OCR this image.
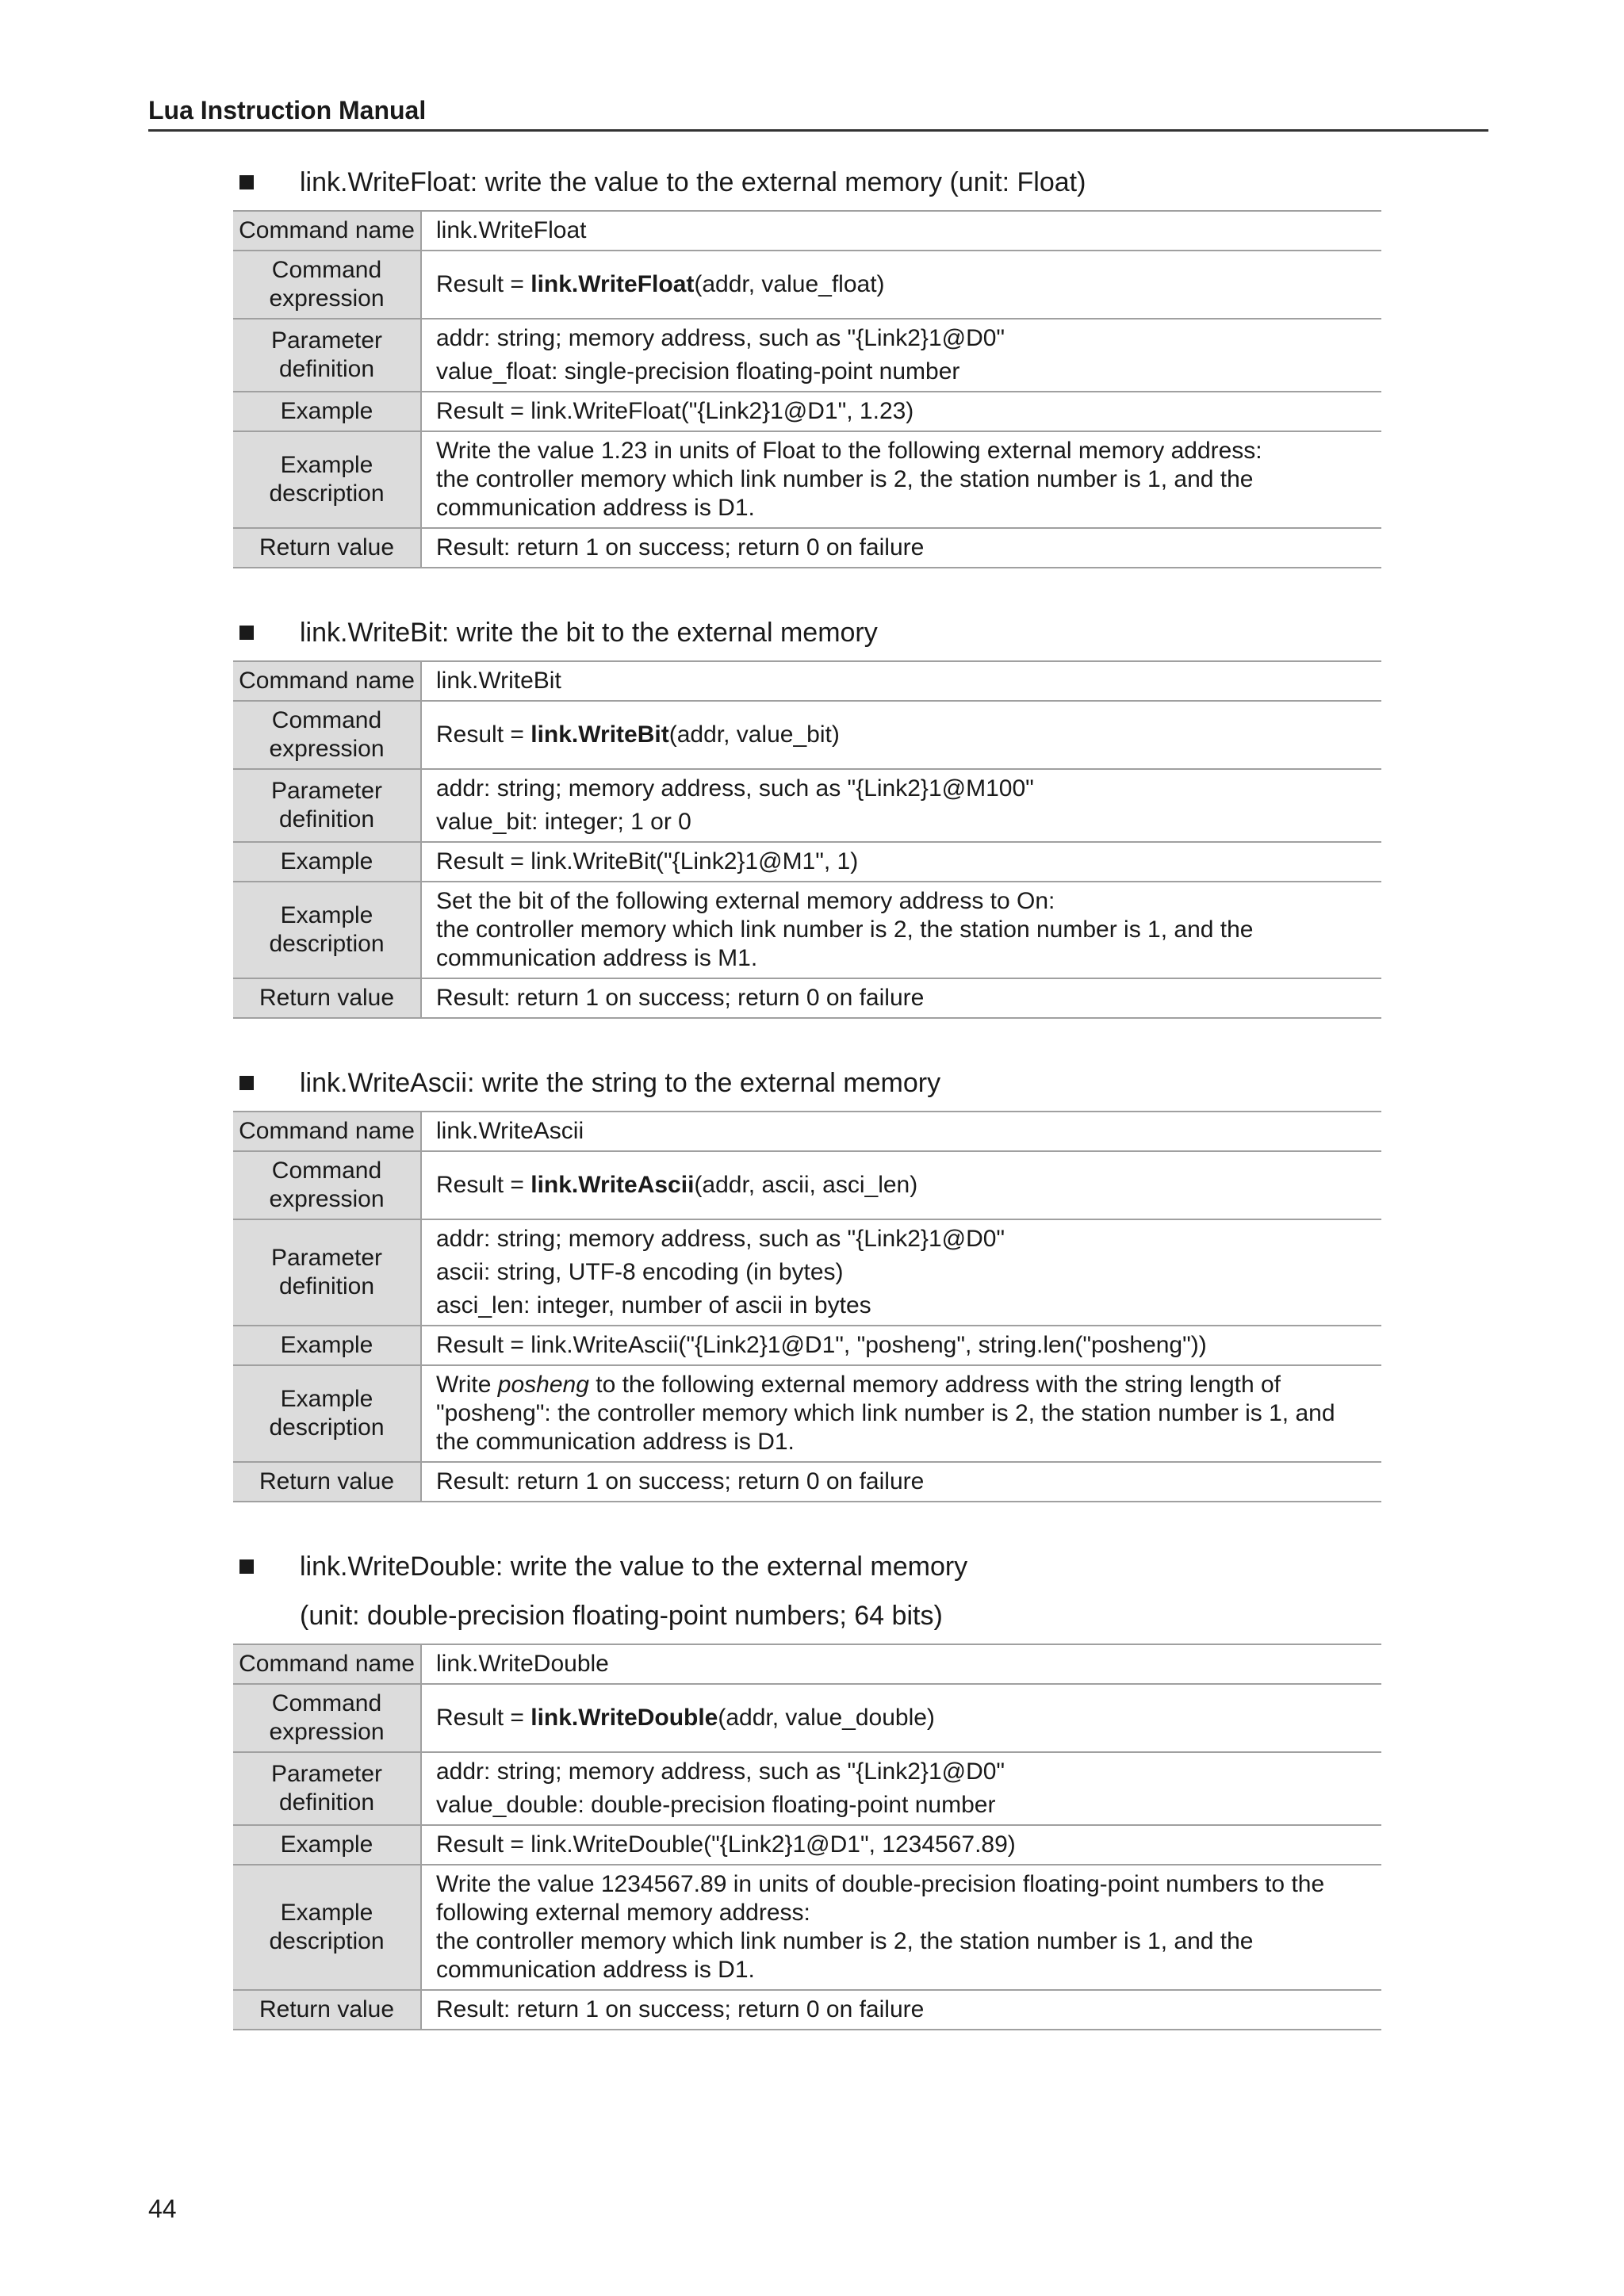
Lua Instruction Manual
link.WriteFloat: write the value to the external memory (unit: Float)
Command name	link.WriteFloat
Command expression	Result = link.WriteFloat(addr, value_float)
Parameter definition	addr: string; memory address, such as "{Link2}1@D0"
value_float: single-precision floating-point number

Example	Result = link.WriteFloat("{Link2}1@D1", 1.23)
Example description	Write the value 1.23 in units of Float to the following external memory address:
the controller memory which link number is 2, the station number is 1, and the
communication address is D1.

Return value	Result: return 1 on success; return 0 on failure
link.WriteBit: write the bit to the external memory
Command name	link.WriteBit
Command expression	Result = link.WriteBit(addr, value_bit)
Parameter definition	addr: string; memory address, such as "{Link2}1@M100"
value_bit: integer; 1 or 0

Example	Result = link.WriteBit("{Link2}1@M1", 1)
Example description	Set the bit of the following external memory address to On:
the controller memory which link number is 2, the station number is 1, and the
communication address is M1.

Return value	Result: return 1 on success; return 0 on failure
link.WriteAscii: write the string to the external memory
Command name	link.WriteAscii
Command expression	Result = link.WriteAscii(addr, ascii, asci_len)
Parameter definition	addr: string; memory address, such as "{Link2}1@D0"
ascii: string, UTF-8 encoding (in bytes)
asci_len: integer, number of ascii in bytes

Example	Result = link.WriteAscii("{Link2}1@D1", "posheng", string.len("posheng"))
Example description	Write posheng to the following external memory address with the string length of
"posheng": the controller memory which link number is 2, the station number is 1, and
the communication address is D1.

Return value	Result: return 1 on success; return 0 on failure
link.WriteDouble: write the value to the external memory
(unit: double-precision floating-point numbers; 64 bits)
Command name	link.WriteDouble
Command expression	Result = link.WriteDouble(addr, value_double)
Parameter definition	addr: string; memory address, such as "{Link2}1@D0"
value_double: double-precision floating-point number

Example	Result = link.WriteDouble("{Link2}1@D1", 1234567.89)
Example description	Write the value 1234567.89 in units of double-precision floating-point numbers to the
following external memory address:
the controller memory which link number is 2, the station number is 1, and the
communication address is D1.

Return value	Result: return 1 on success; return 0 on failure
44
